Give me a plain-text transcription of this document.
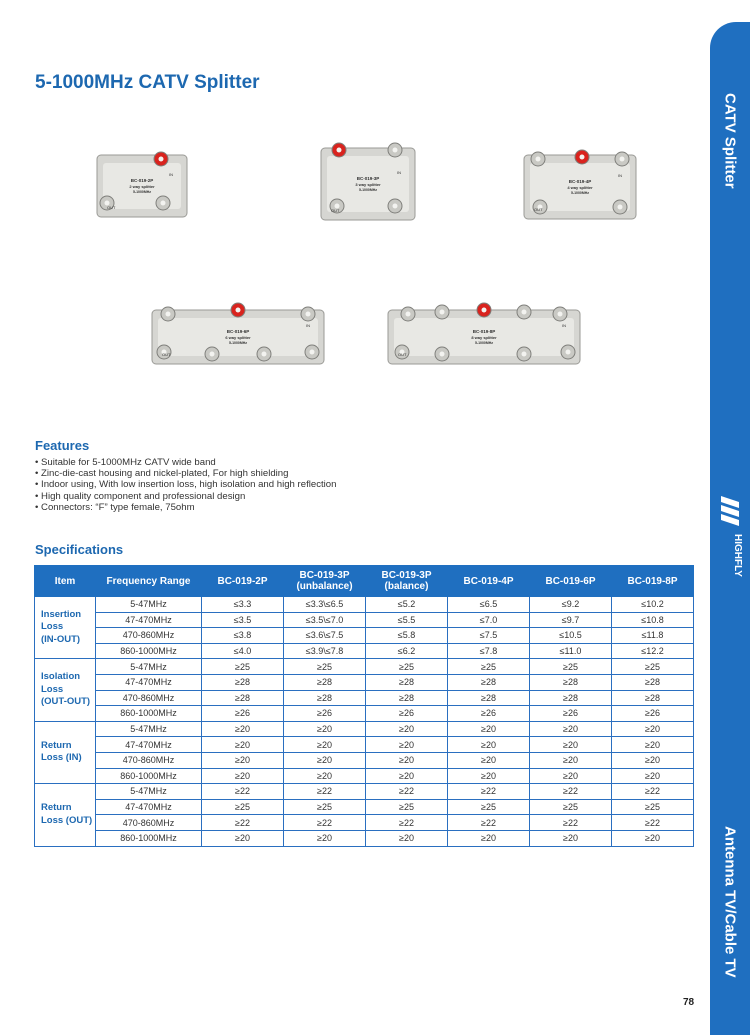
5-1000MHz CATV Splitter
CATV Splitter
HIGHFLY
Antenna TV/Cable TV
BC-019-2P
2 way splitter
5-1000MHz
IN
OUT
BC-019-3P
3 way splitter
5-1000MHz
IN
OUT
BC-019-4P
4 way splitter
5-1000MHz
IN
OUT
BC-019-6P
6 way splitter
5-1000MHz
IN
OUT
BC-019-8P
8 way splitter
5-1000MHz
IN
OUT
Features
• Suitable for 5-1000MHz CATV wide band
• Zinc-die-cast housing and nickel-plated, For high shielding
• Indoor using, With low insertion loss, high isolation and high reflection
• High quality component and professional design
• Connectors: “F” type female, 75ohm
Specifications
Item	Frequency Range	BC-019-2P	BC-019-3P
(unbalance)	BC-019-3P
(balance)	BC-019-4P	BC-019-6P	BC-019-8P
Insertion
Loss
(IN-OUT)	5-47MHz	≤3.3	≤3.3\≤6.5	≤5.2	≤6.5	≤9.2	≤10.2
	47-470MHz	≤3.5	≤3.5\≤7.0	≤5.5	≤7.0	≤9.7	≤10.8
	470-860MHz	≤3.8	≤3.6\≤7.5	≤5.8	≤7.5	≤10.5	≤11.8
	860-1000MHz	≤4.0	≤3.9\≤7.8	≤6.2	≤7.8	≤11.0	≤12.2
Isolation
Loss
(OUT-OUT)	5-47MHz	≥25	≥25	≥25	≥25	≥25	≥25
	47-470MHz	≥28	≥28	≥28	≥28	≥28	≥28
	470-860MHz	≥28	≥28	≥28	≥28	≥28	≥28
	860-1000MHz	≥26	≥26	≥26	≥26	≥26	≥26
Return
Loss (IN)	5-47MHz	≥20	≥20	≥20	≥20	≥20	≥20
	47-470MHz	≥20	≥20	≥20	≥20	≥20	≥20
	470-860MHz	≥20	≥20	≥20	≥20	≥20	≥20
	860-1000MHz	≥20	≥20	≥20	≥20	≥20	≥20
Return
Loss (OUT)	5-47MHz	≥22	≥22	≥22	≥22	≥22	≥22
	47-470MHz	≥25	≥25	≥25	≥25	≥25	≥25
	470-860MHz	≥22	≥22	≥22	≥22	≥22	≥22
	860-1000MHz	≥20	≥20	≥20	≥20	≥20	≥20
78
